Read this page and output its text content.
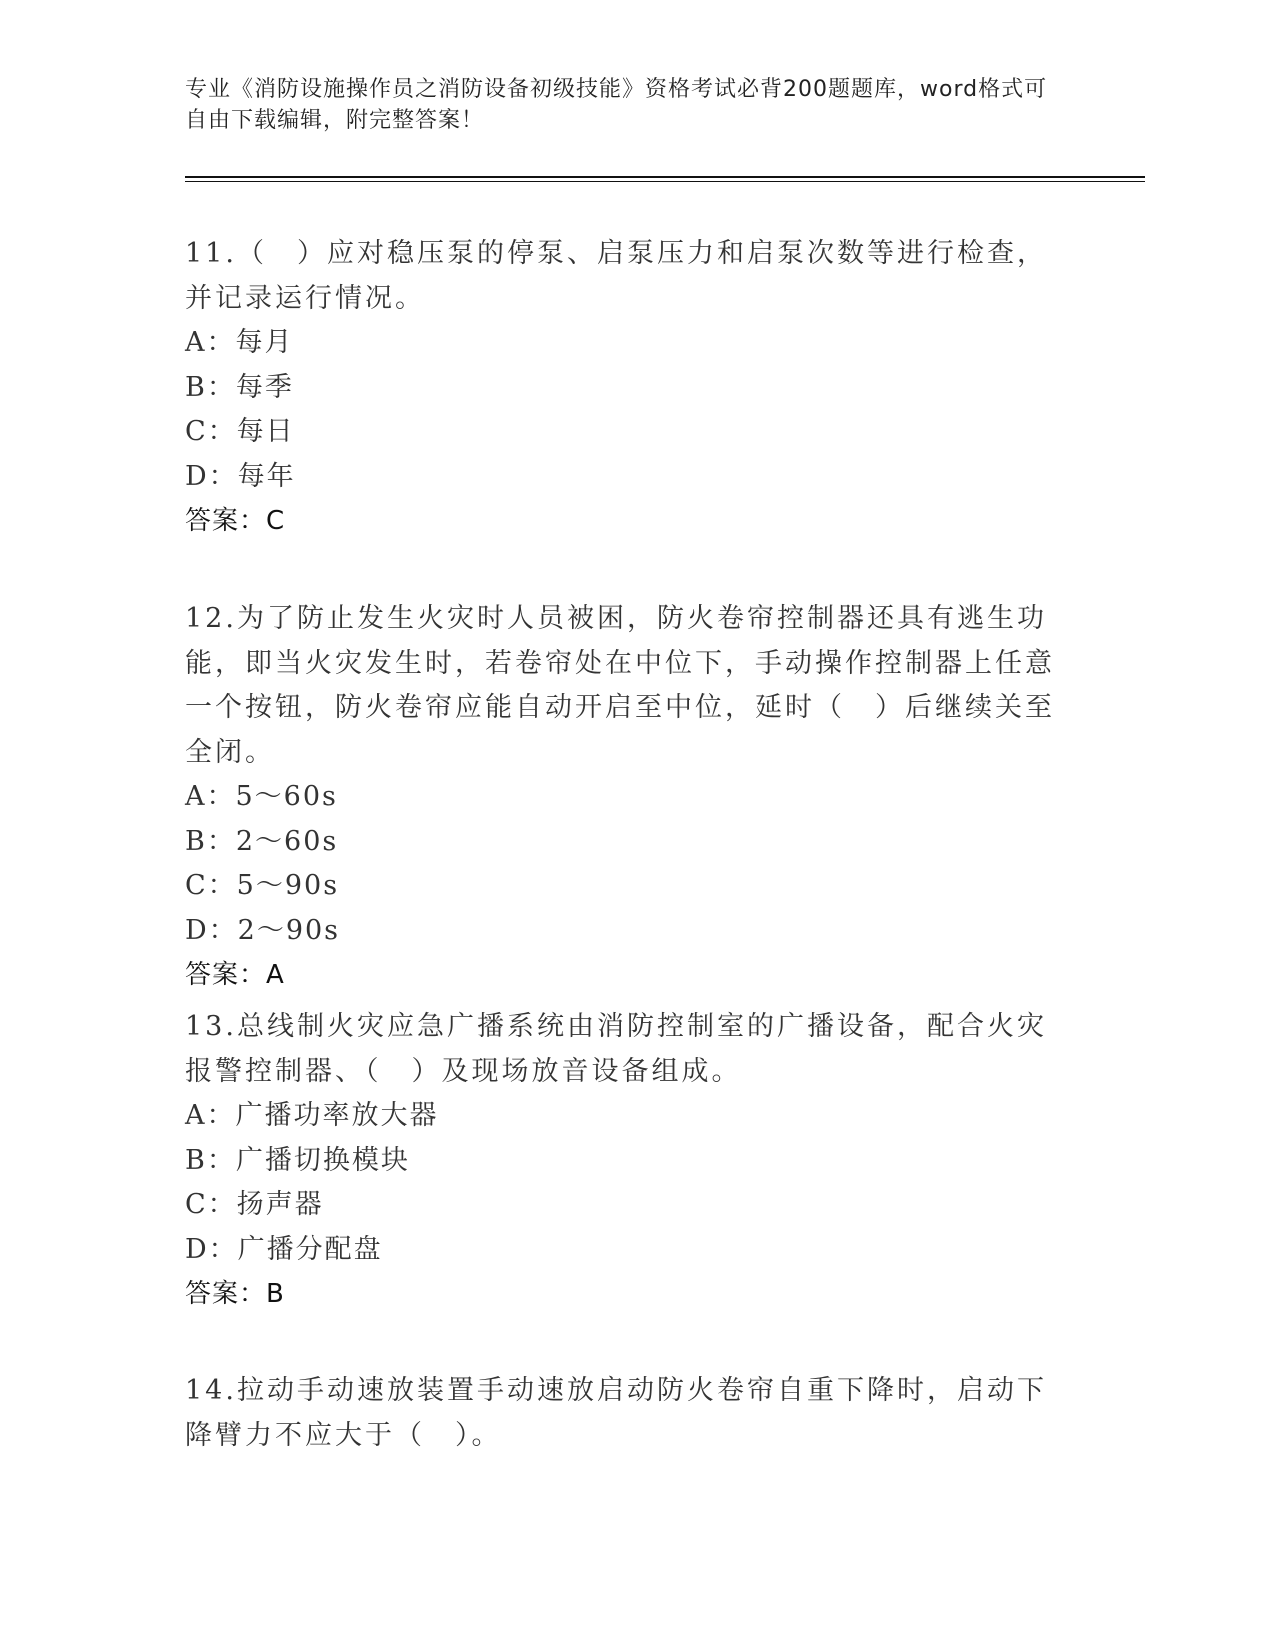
专业《消防设施操作员之消防设备初级技能》资格考试必背200题题库，word格式可自由下载编辑，附完整答案！

11.（　）应对稳压泵的停泵、启泵压力和启泵次数等进行检查，并记录运行情况。

A：每月
B：每季
C：每日
D：每年
答案：C

12.为了防止发生火灾时人员被困，防火卷帘控制器还具有逃生功能，即当火灾发生时，若卷帘处在中位下，手动操作控制器上任意一个按钮，防火卷帘应能自动开启至中位，延时（　）后继续关至全闭。

A：5～60s
B：2～60s
C：5～90s
D：2～90s
答案：A

13.总线制火灾应急广播系统由消防控制室的广播设备，配合火灾报警控制器、（　）及现场放音设备组成。

A：广播功率放大器
B：广播切换模块
C：扬声器
D：广播分配盘
答案：B

14.拉动手动速放装置手动速放启动防火卷帘自重下降时，启动下降臂力不应大于（　）。
